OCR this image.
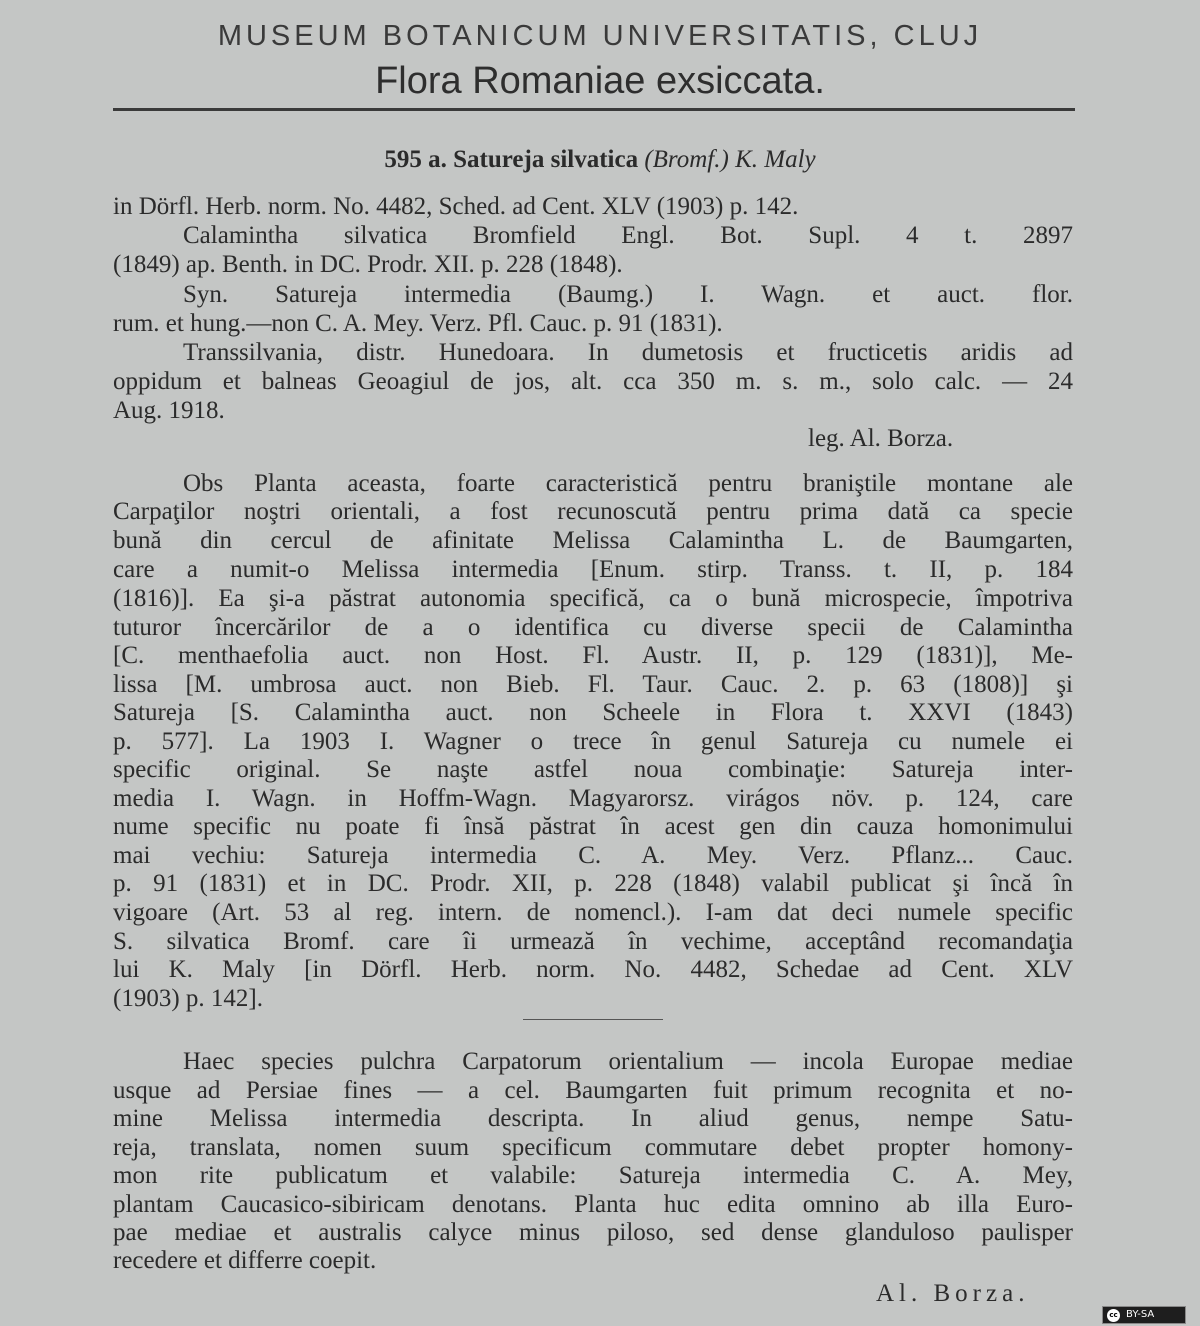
MUSEUM BOTANICUM UNIVERSITATIS, CLUJ
Flora Romaniae exsiccata.
595 a. Satureja silvatica (Bromf.) K. Maly
in Dörfl. Herb. norm. No. 4482, Sched. ad Cent. XLV (1903) p. 142.
Calamintha silvatica Bromfield Engl. Bot. Supl. 4 t. 2897
(1849) ap. Benth. in DC. Prodr. XII. p. 228 (1848).
Syn. Satureja intermedia (Baumg.) I. Wagn. et auct. flor.
rum. et hung.—non C. A. Mey. Verz. Pfl. Cauc. p. 91 (1831).
Transsilvania, distr. Hunedoara. In dumetosis et fructicetis aridis ad
oppidum et balneas Geoagiul de jos, alt. cca 350 m. s. m., solo calc. — 24
Aug. 1918.
leg. Al. Borza.
Obs Planta aceasta, foarte caracteristică pentru braniştile montane ale
Carpaţilor noştri orientali, a fost recunoscută pentru prima dată ca specie
bună din cercul de afinitate Melissa Calamintha L. de Baumgarten,
care a numit-o Melissa intermedia [Enum. stirp. Transs. t. II, p. 184
(1816)]. Ea şi-a păstrat autonomia specifică, ca o bună microspecie, împotriva
tuturor încercărilor de a o identifica cu diverse specii de Calamintha
[C. menthaefolia auct. non Host. Fl. Austr. II, p. 129 (1831)], Me-
lissa [M. umbrosa auct. non Bieb. Fl. Taur. Cauc. 2. p. 63 (1808)] şi
Satureja [S. Calamintha auct. non Scheele in Flora t. XXVI (1843)
p. 577]. La 1903 I. Wagner o trece în genul Satureja cu numele ei
specific original. Se naşte astfel noua combinaţie: Satureja inter-
media I. Wagn. in Hoffm-Wagn. Magyarorsz. virágos növ. p. 124, care
nume specific nu poate fi însă păstrat în acest gen din cauza homonimului
mai vechiu: Satureja intermedia C. A. Mey. Verz. Pflanz... Cauc.
p. 91 (1831) et in DC. Prodr. XII, p. 228 (1848) valabil publicat şi încă în
vigoare (Art. 53 al reg. intern. de nomencl.). I-am dat deci numele specific
S. silvatica Bromf. care îi urmează în vechime, acceptând recomandaţia
lui K. Maly [in Dörfl. Herb. norm. No. 4482, Schedae ad Cent. XLV
(1903) p. 142].
Haec species pulchra Carpatorum orientalium — incola Europae mediae
usque ad Persiae fines — a cel. Baumgarten fuit primum recognita et no-
mine Melissa intermedia descripta. In aliud genus, nempe Satu-
reja, translata, nomen suum specificum commutare debet propter homony-
mon rite publicatum et valabile: Satureja intermedia C. A. Mey,
plantam Caucasico-sibiricam denotans. Planta huc edita omnino ab illa Euro-
pae mediae et australis calyce minus piloso, sed dense glanduloso paulisper
recedere et differre coepit.
Al. Borza.
cc BY-SA
